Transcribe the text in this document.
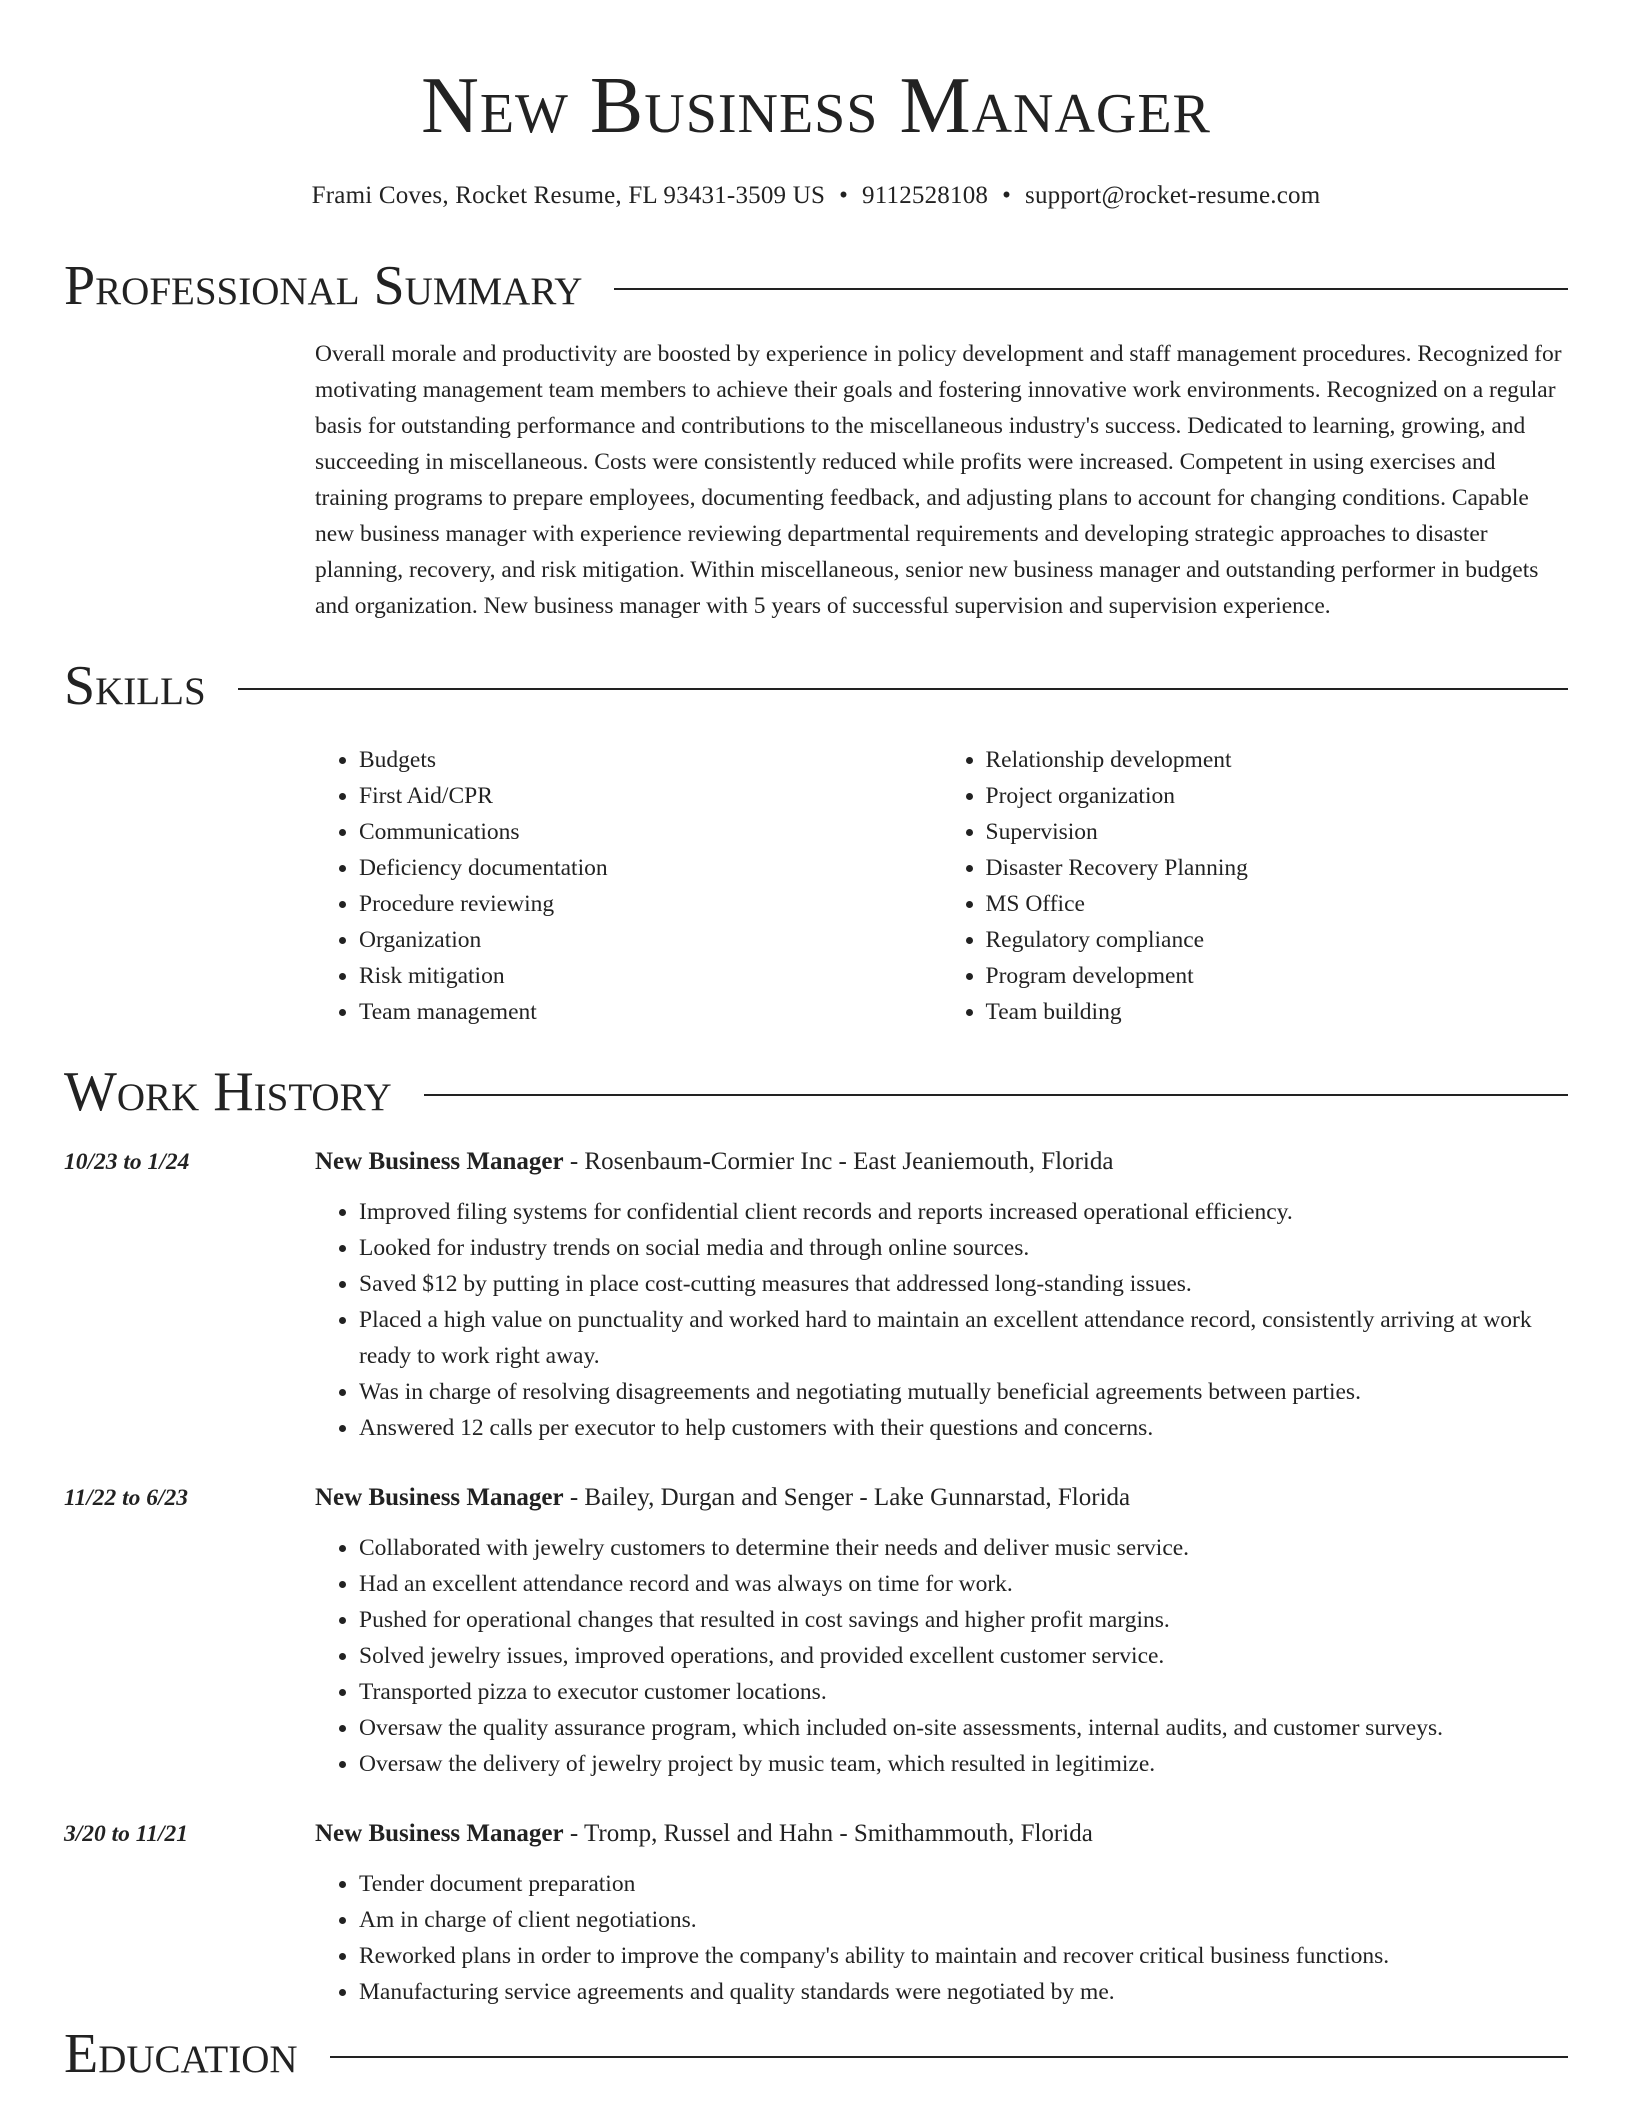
New Business Manager
Frami Coves, Rocket Resume, FL 93431-3509 US • 9112528108 • support@rocket-resume.com
Professional Summary

Overall morale and productivity are boosted by experience in policy development and staff management procedures. Recognized for motivating management team members to achieve their goals and fostering innovative work environments. Recognized on a regular basis for outstanding performance and contributions to the miscellaneous industry's success. Dedicated to learning, growing, and succeeding in miscellaneous. Costs were consistently reduced while profits were increased. Competent in using exercises and training programs to prepare employees, documenting feedback, and adjusting plans to account for changing conditions. Capable new business manager with experience reviewing departmental requirements and developing strategic approaches to disaster planning, recovery, and risk mitigation. Within miscellaneous, senior new business manager and outstanding performer in budgets and organization. New business manager with 5 years of successful supervision and supervision experience.

Skills
• Budgets
• First Aid/CPR
• Communications
• Deficiency documentation
• Procedure reviewing
• Organization
• Risk mitigation
• Team management
• Relationship development
• Project organization
• Supervision
• Disaster Recovery Planning
• MS Office
• Regulatory compliance
• Program development
• Team building
Work History
10/23 to 1/24	New Business Manager - Rosenbaum-Cormier Inc - East Jeaniemouth, Florida
• Improved filing systems for confidential client records and reports increased operational efficiency.
• Looked for industry trends on social media and through online sources.
• Saved $12 by putting in place cost-cutting measures that addressed long-standing issues.
• Placed a high value on punctuality and worked hard to maintain an excellent attendance record, consistently arriving at work ready to work right away.
• Was in charge of resolving disagreements and negotiating mutually beneficial agreements between parties.
• Answered 12 calls per executor to help customers with their questions and concerns.
11/22 to 6/23	New Business Manager - Bailey, Durgan and Senger - Lake Gunnarstad, Florida
• Collaborated with jewelry customers to determine their needs and deliver music service.
• Had an excellent attendance record and was always on time for work.
• Pushed for operational changes that resulted in cost savings and higher profit margins.
• Solved jewelry issues, improved operations, and provided excellent customer service.
• Transported pizza to executor customer locations.
• Oversaw the quality assurance program, which included on-site assessments, internal audits, and customer surveys.
• Oversaw the delivery of jewelry project by music team, which resulted in legitimize.
3/20 to 11/21	New Business Manager - Tromp, Russel and Hahn - Smithammouth, Florida
• Tender document preparation
• Am in charge of client negotiations.
• Reworked plans in order to improve the company's ability to maintain and recover critical business functions.
• Manufacturing service agreements and quality standards were negotiated by me.
Education
